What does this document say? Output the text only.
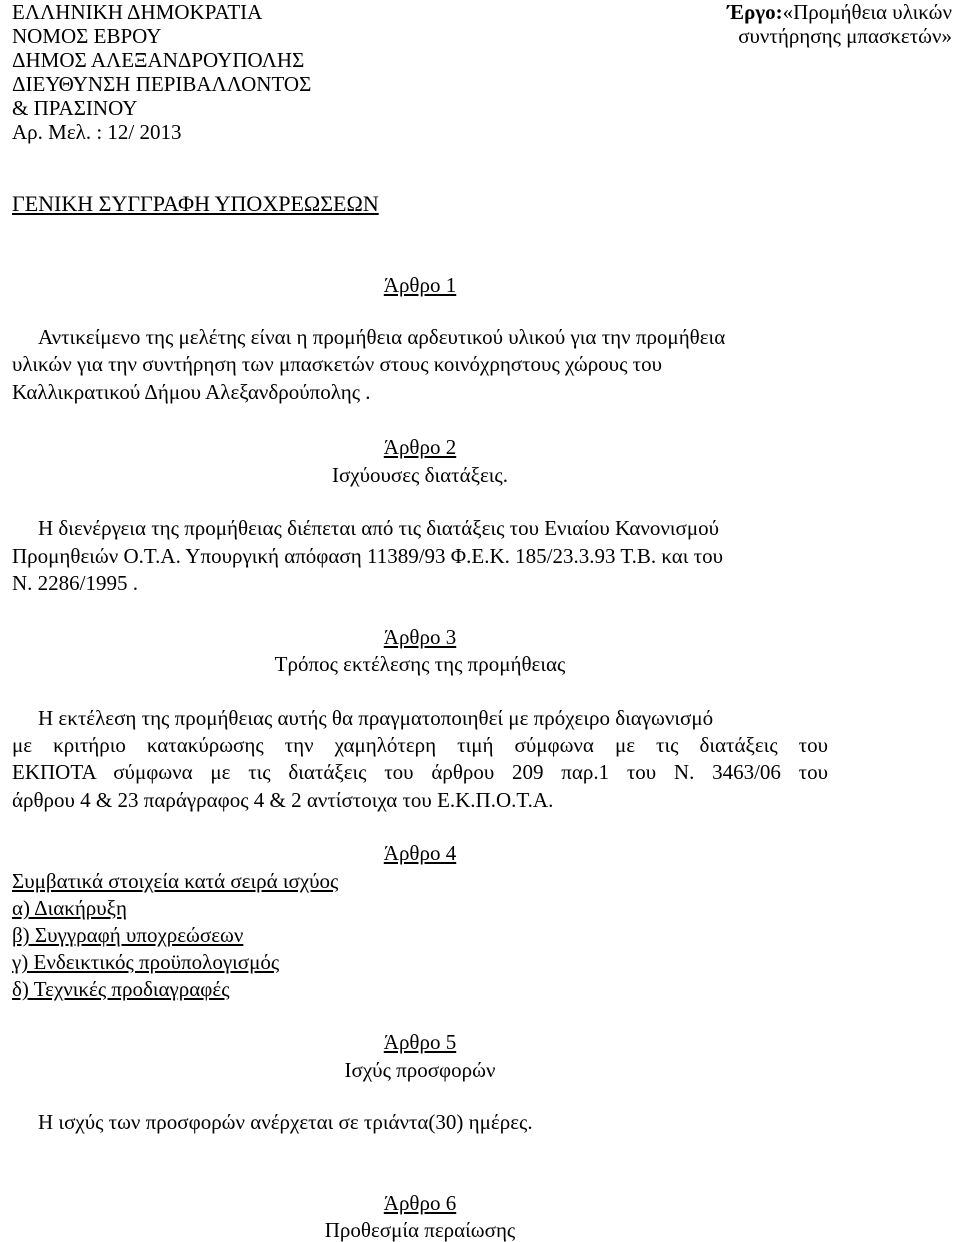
ΕΛΛΗΝΙΚΗ ΔΗΜΟΚΡΑΤΙΑ
ΝΟΜΟΣ ΕΒΡΟΥ
ΔΗΜΟΣ ΑΛΕΞΑΝΔΡΟΥΠΟΛΗΣ
ΔΙΕΥΘΥΝΣΗ ΠΕΡΙΒΑΛΛΟΝΤΟΣ
& ΠΡΑΣΙΝΟΥ
Αρ. Μελ. : 12/ 2013
Έργο:«Προμήθεια υλικών
συντήρησης μπασκετών»
ΓΕΝΙΚΗ ΣΥΓΓΡΑΦΗ ΥΠΟΧΡΕΩΣΕΩΝ
Άρθρο 1
Αντικείμενο της μελέτης είναι η προμήθεια αρδευτικού υλικού για την προμήθεια
υλικών για την συντήρηση των μπασκετών στους κοινόχρηστους χώρους του
Καλλικρατικού Δήμου Αλεξανδρούπολης .
Άρθρο 2
Ισχύουσες διατάξεις.
Η διενέργεια της προμήθειας διέπεται από τις διατάξεις του Ενιαίου Κανονισμού
Προμηθειών Ο.Τ.Α. Υπουργική απόφαση 11389/93 Φ.Ε.Κ. 185/23.3.93 Τ.Β. και του
Ν. 2286/1995 .
Άρθρο 3
Τρόπος εκτέλεσης της προμήθειας
Η εκτέλεση της προμήθειας αυτής θα πραγματοποιηθεί με πρόχειρο διαγωνισμό
με κριτήριο κατακύρωσης την χαμηλότερη τιμή σύμφωνα με τις διατάξεις του
ΕΚΠΟΤΑ σύμφωνα με τις διατάξεις του άρθρου 209 παρ.1 του Ν. 3463/06 του
άρθρου 4 & 23 παράγραφος 4 & 2 αντίστοιχα του Ε.Κ.Π.Ο.Τ.Α.
Άρθρο 4
Συμβατικά στοιχεία κατά σειρά ισχύος
α) Διακήρυξη
β) Συγγραφή υποχρεώσεων
γ) Ενδεικτικός προϋπολογισμός
δ) Τεχνικές προδιαγραφές
Άρθρο 5
Ισχύς προσφορών
Η ισχύς των προσφορών ανέρχεται σε τριάντα(30) ημέρες.
Άρθρο 6
Προθεσμία περαίωσης
